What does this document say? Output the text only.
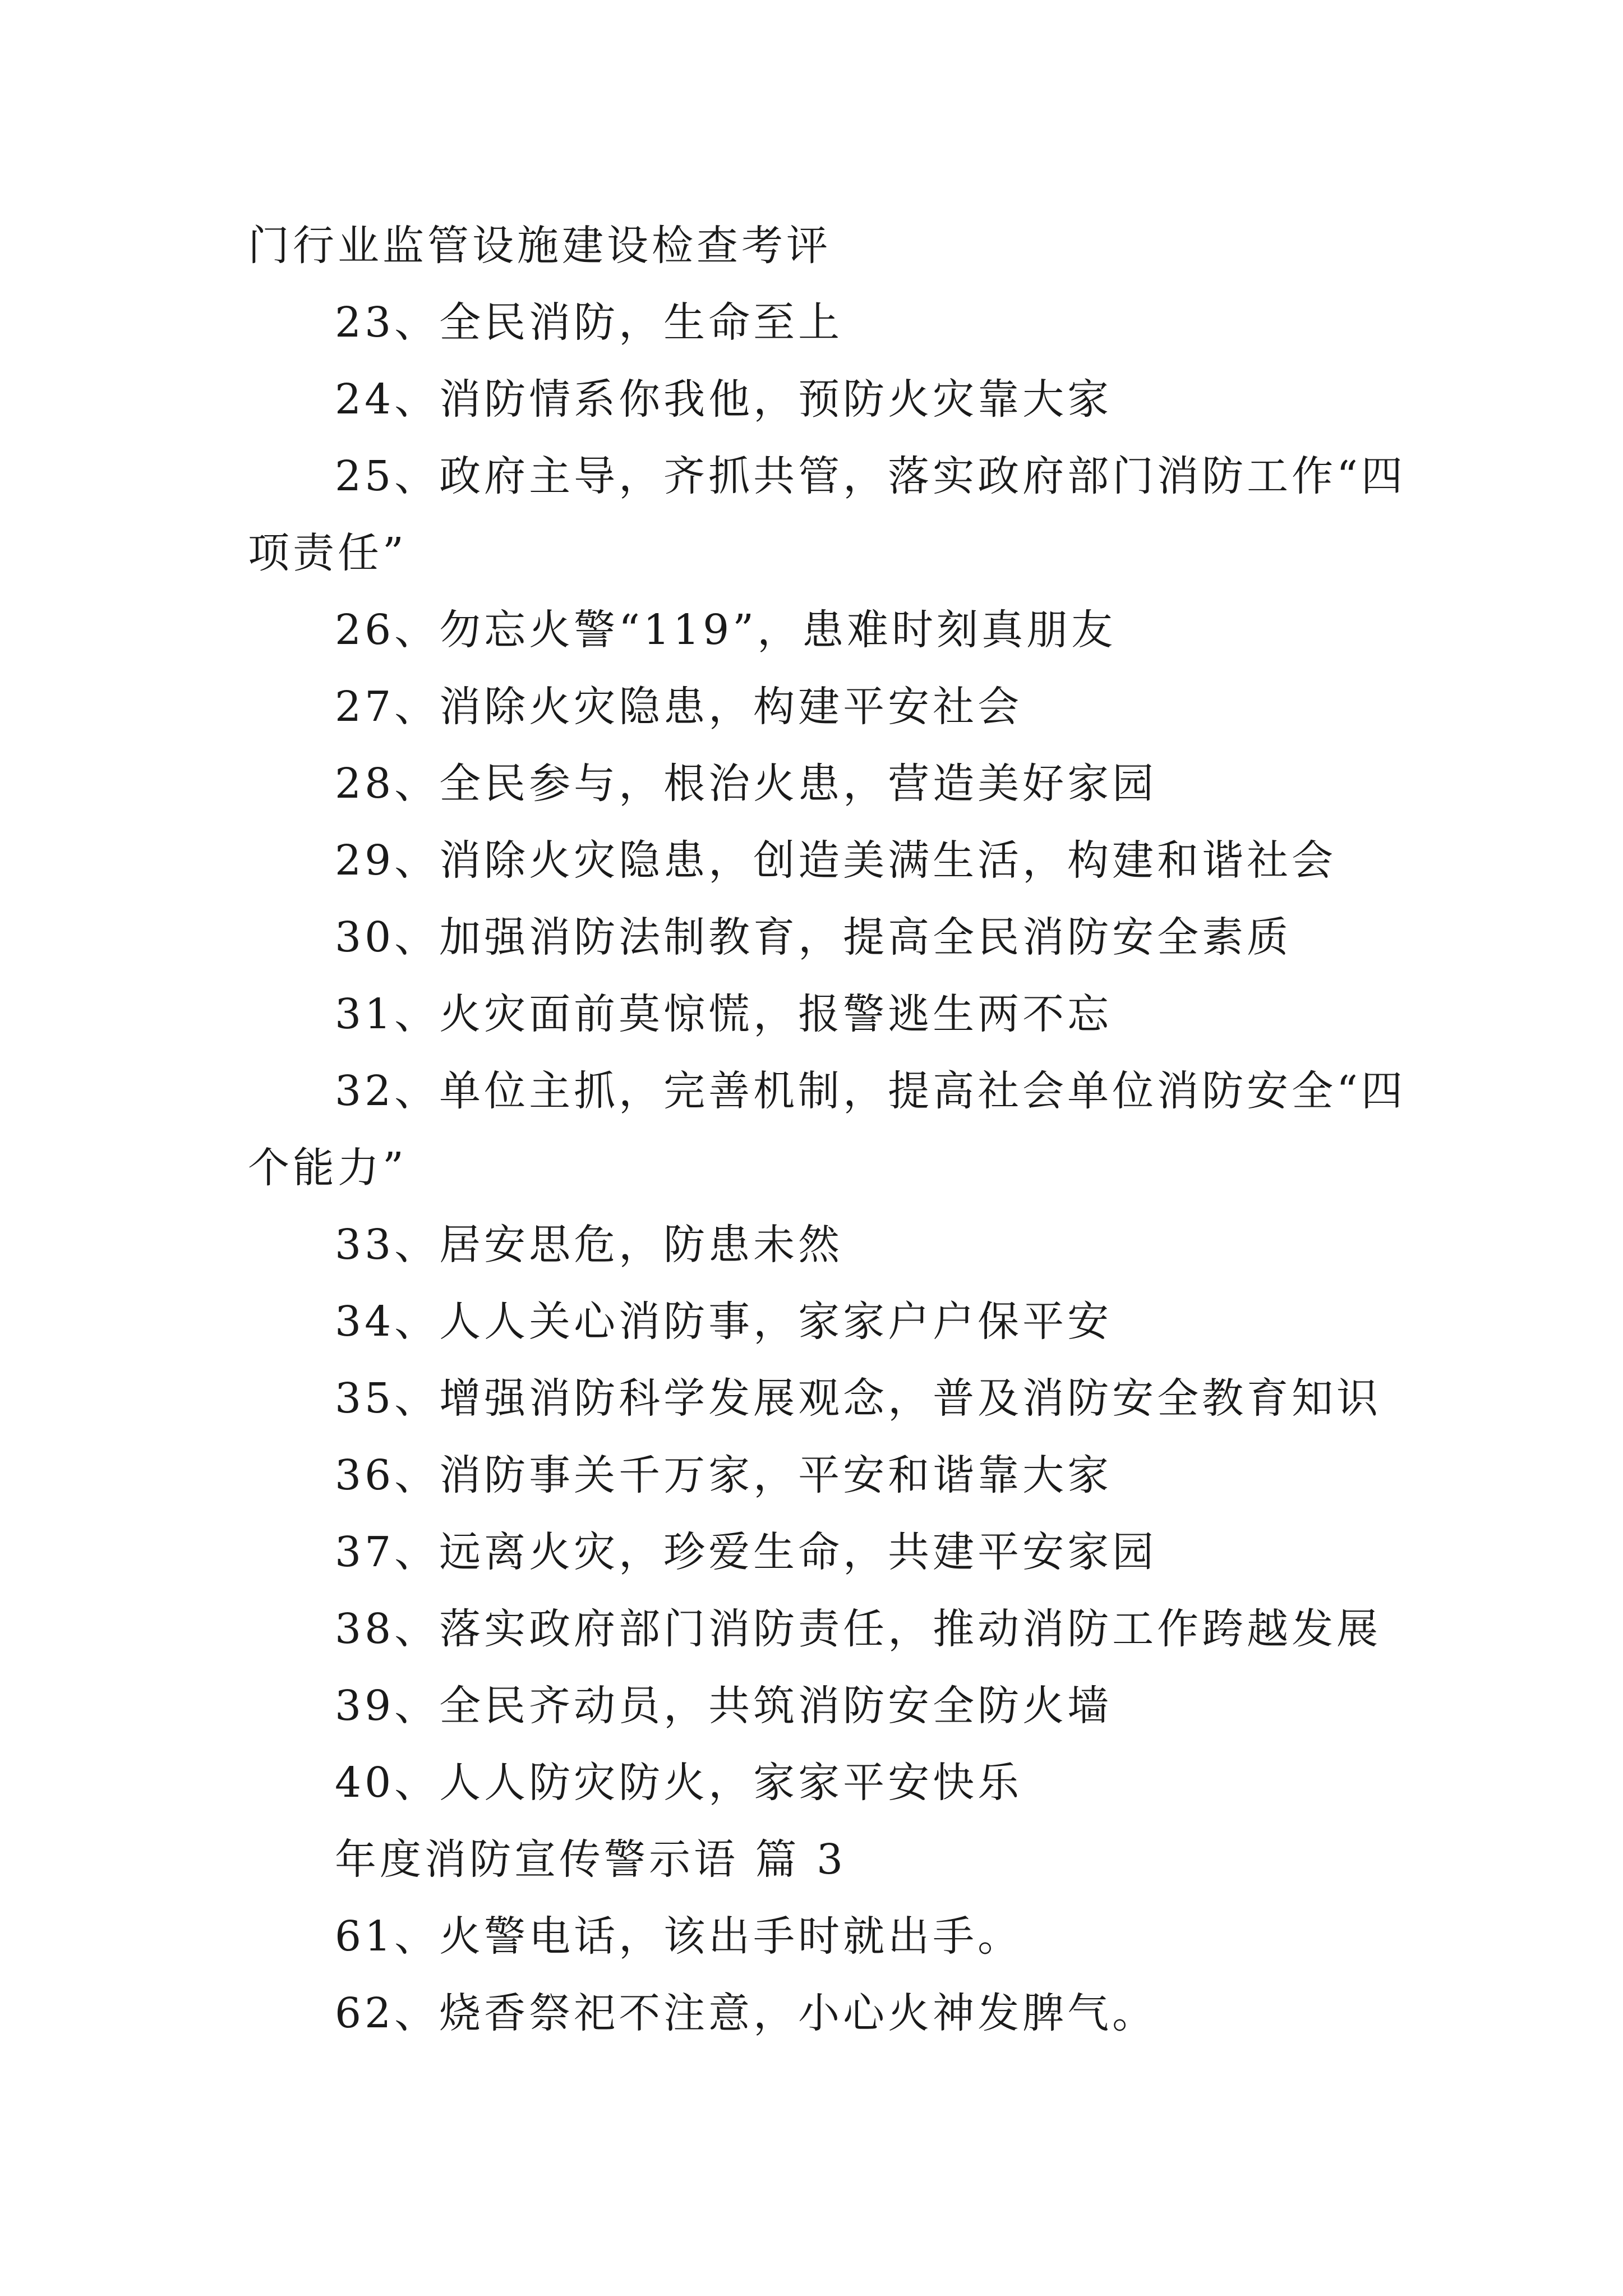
门行业监管设施建设检查考评
23、全民消防，生命至上
24、消防情系你我他，预防火灾靠大家
25、政府主导，齐抓共管，落实政府部门消防工作“四
项责任”
26、勿忘火警“119”，患难时刻真朋友
27、消除火灾隐患，构建平安社会
28、全民参与，根治火患，营造美好家园
29、消除火灾隐患，创造美满生活，构建和谐社会
30、加强消防法制教育，提高全民消防安全素质
31、火灾面前莫惊慌，报警逃生两不忘
32、单位主抓，完善机制，提高社会单位消防安全“四
个能力”
33、居安思危，防患未然
34、人人关心消防事，家家户户保平安
35、增强消防科学发展观念，普及消防安全教育知识
36、消防事关千万家，平安和谐靠大家
37、远离火灾，珍爱生命，共建平安家园
38、落实政府部门消防责任，推动消防工作跨越发展
39、全民齐动员，共筑消防安全防火墙
40、人人防灾防火，家家平安快乐
年度消防宣传警示语 篇 3
61、火警电话，该出手时就出手。
62、烧香祭祀不注意，小心火神发脾气。
